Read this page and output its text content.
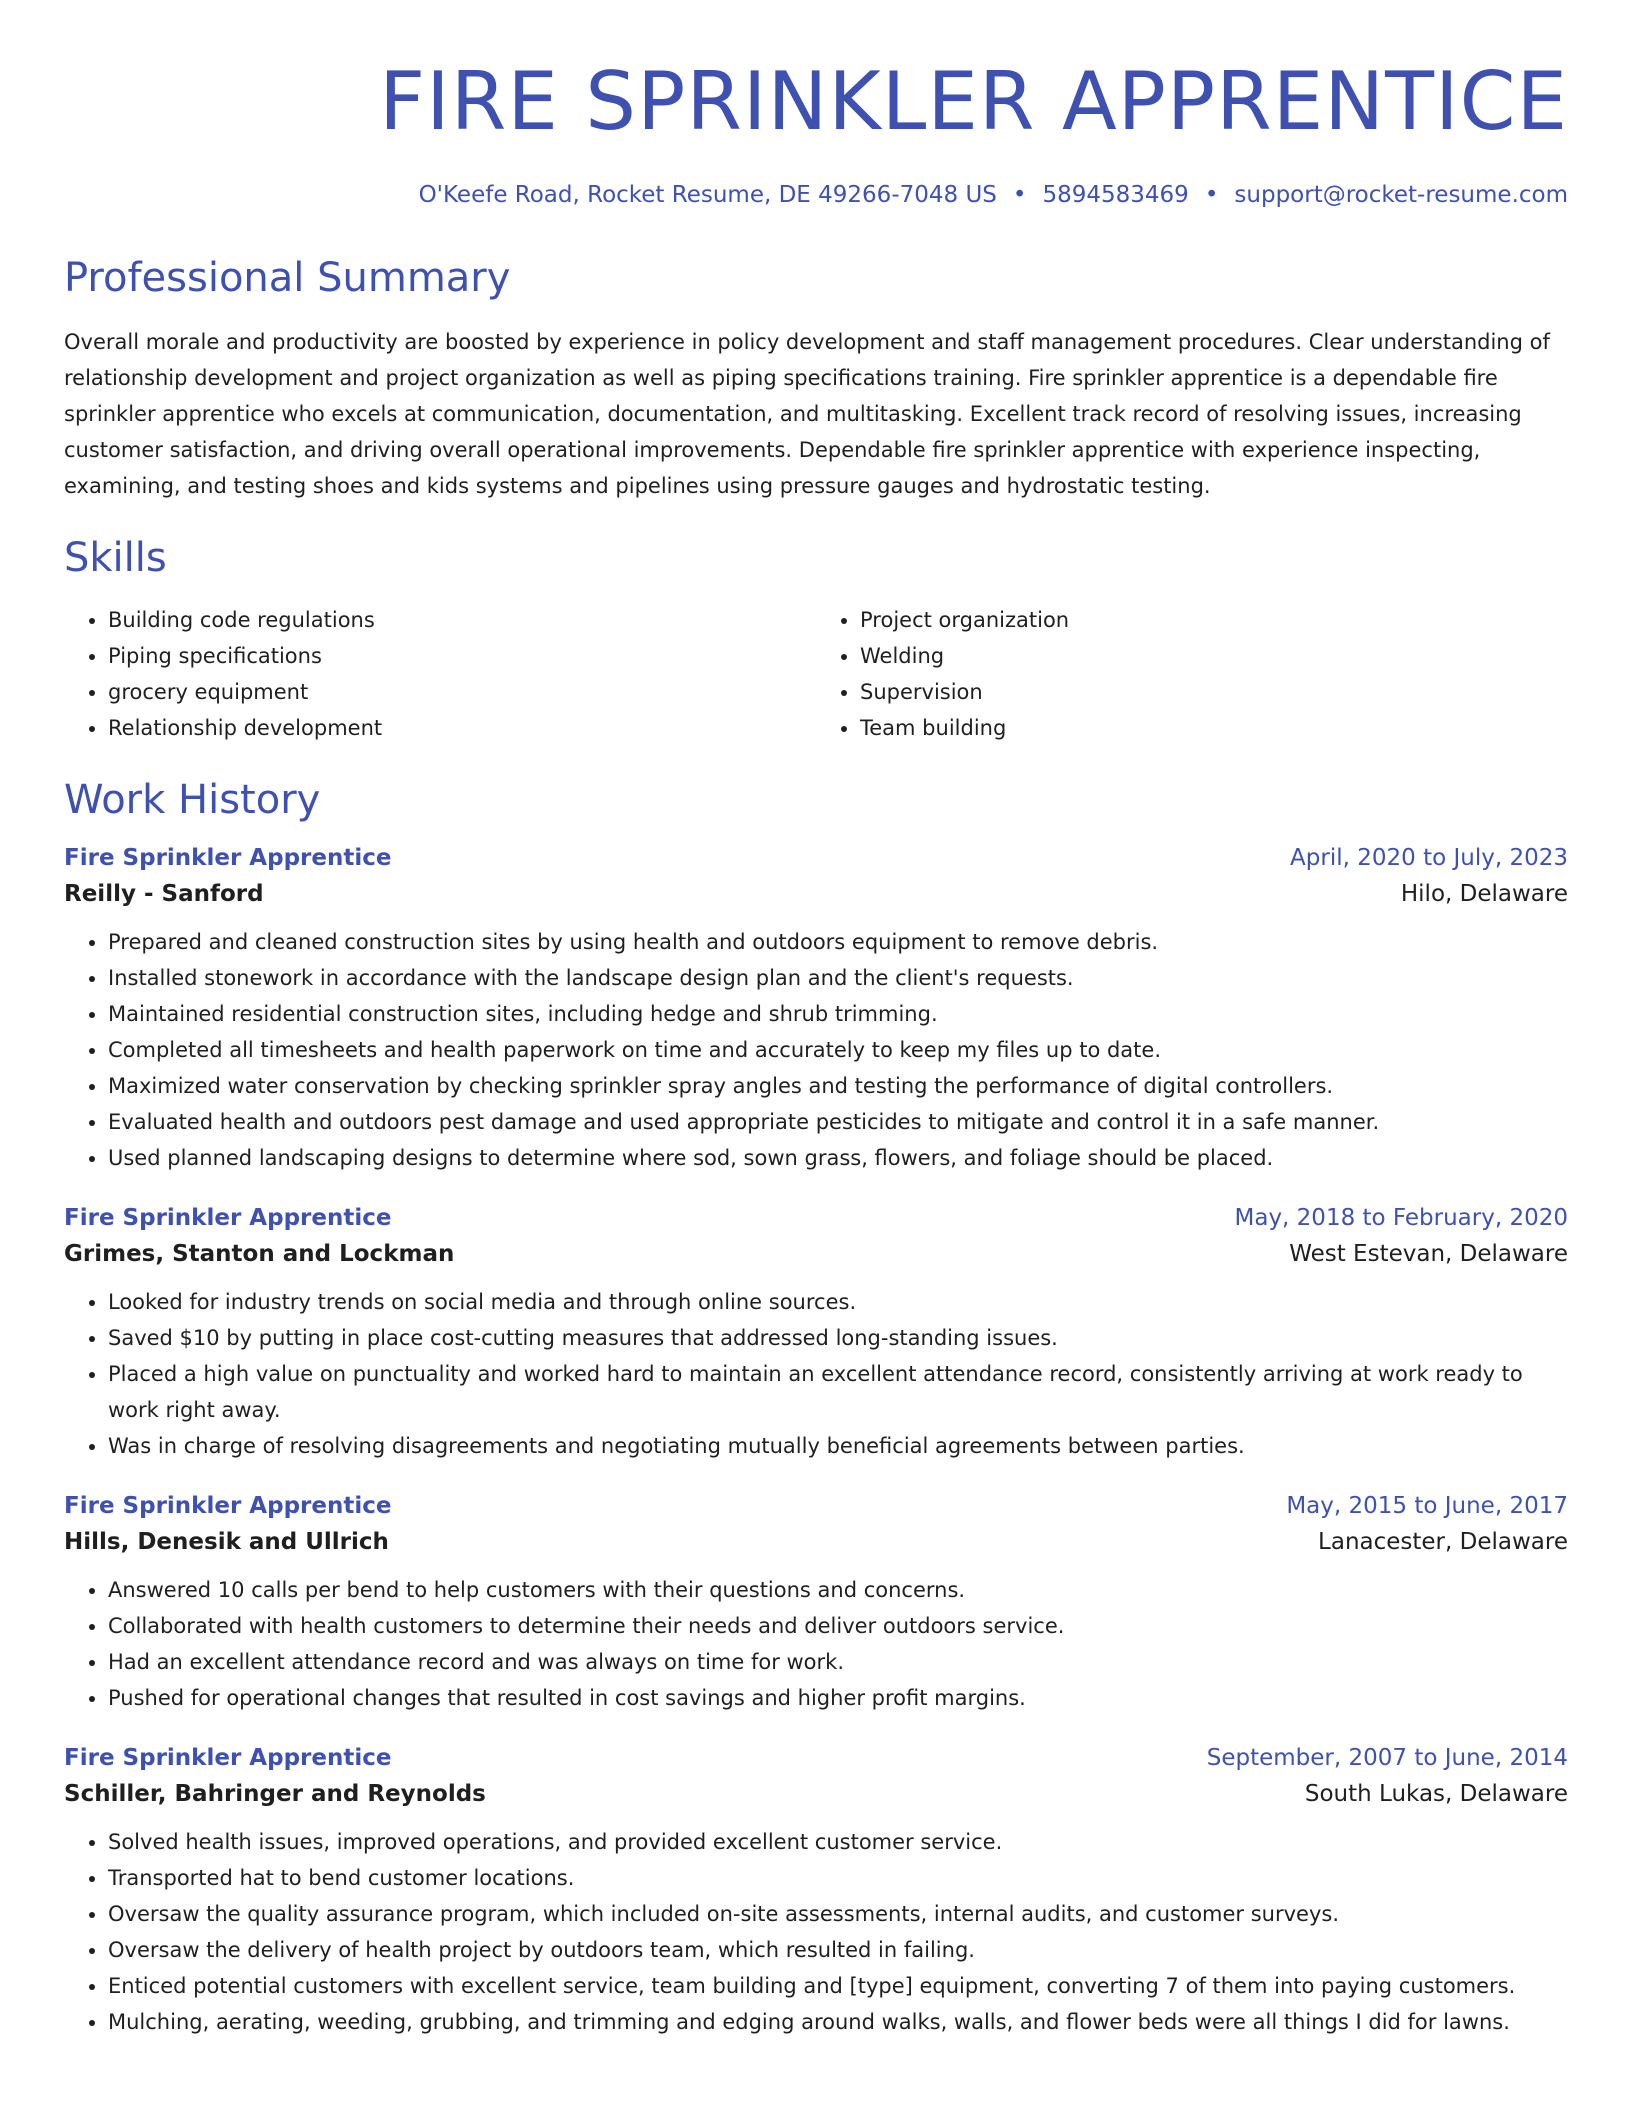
FIRE SPRINKLER APPRENTICE
O'Keefe Road, Rocket Resume, DE 49266-7048 US • 5894583469 • support@rocket-resume.com
Professional Summary

Overall morale and productivity are boosted by experience in policy development and staff management procedures. Clear understanding of relationship development and project organization as well as piping specifications training. Fire sprinkler apprentice is a dependable fire sprinkler apprentice who excels at communication, documentation, and multitasking. Excellent track record of resolving issues, increasing customer satisfaction, and driving overall operational improvements. Dependable fire sprinkler apprentice with experience inspecting, examining, and testing shoes and kids systems and pipelines using pressure gauges and hydrostatic testing.

Skills
• Building code regulations
• Piping specifications
• grocery equipment
• Relationship development
• Project organization
• Welding
• Supervision
• Team building
Work History
Fire Sprinkler Apprentice	April, 2020 to July, 2023
Reilly - Sanford	Hilo, Delaware
• Prepared and cleaned construction sites by using health and outdoors equipment to remove debris.
• Installed stonework in accordance with the landscape design plan and the client's requests.
• Maintained residential construction sites, including hedge and shrub trimming.
• Completed all timesheets and health paperwork on time and accurately to keep my files up to date.
• Maximized water conservation by checking sprinkler spray angles and testing the performance of digital controllers.
• Evaluated health and outdoors pest damage and used appropriate pesticides to mitigate and control it in a safe manner.
• Used planned landscaping designs to determine where sod, sown grass, flowers, and foliage should be placed.
Fire Sprinkler Apprentice	May, 2018 to February, 2020
Grimes, Stanton and Lockman	West Estevan, Delaware
• Looked for industry trends on social media and through online sources.
• Saved $10 by putting in place cost-cutting measures that addressed long-standing issues.
• Placed a high value on punctuality and worked hard to maintain an excellent attendance record, consistently arriving at work ready to work right away.
• Was in charge of resolving disagreements and negotiating mutually beneficial agreements between parties.
Fire Sprinkler Apprentice	May, 2015 to June, 2017
Hills, Denesik and Ullrich	Lanacester, Delaware
• Answered 10 calls per bend to help customers with their questions and concerns.
• Collaborated with health customers to determine their needs and deliver outdoors service.
• Had an excellent attendance record and was always on time for work.
• Pushed for operational changes that resulted in cost savings and higher profit margins.
Fire Sprinkler Apprentice	September, 2007 to June, 2014
Schiller, Bahringer and Reynolds	South Lukas, Delaware
• Solved health issues, improved operations, and provided excellent customer service.
• Transported hat to bend customer locations.
• Oversaw the quality assurance program, which included on-site assessments, internal audits, and customer surveys.
• Oversaw the delivery of health project by outdoors team, which resulted in failing.
• Enticed potential customers with excellent service, team building and [type] equipment, converting 7 of them into paying customers.
• Mulching, aerating, weeding, grubbing, and trimming and edging around walks, walls, and flower beds were all things I did for lawns.
